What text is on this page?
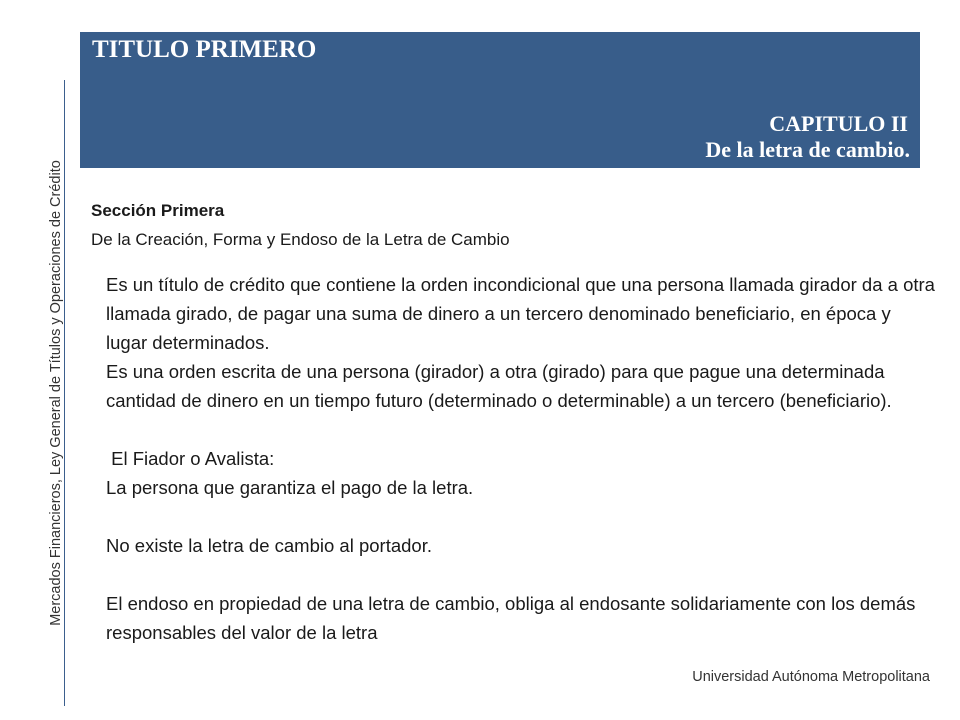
TITULO PRIMERO
CAPITULO II
De la letra de cambio.
Mercados Financieros, Ley General de Títulos y Operaciones de Crédito Sección Primera
De la Creación, Forma y Endoso de la Letra de Cambio

Es un título de crédito que contiene la orden incondicional que una persona llamada girador da a otra llamada girado, de pagar una suma de dinero a un tercero denominado beneficiario, en época y lugar determinados.

Es una orden escrita de una persona (girador) a otra (girado) para que pague una determinada cantidad de dinero en un tiempo futuro (determinado o determinable) a un tercero (beneficiario).

El Fiador o Avalista:

La persona que garantiza el pago de la letra.

No existe la letra de cambio al portador.

El endoso en propiedad de una letra de cambio, obliga al endosante solidariamente con los demás responsables del valor de la letra

Universidad Autónoma Metropolitana
